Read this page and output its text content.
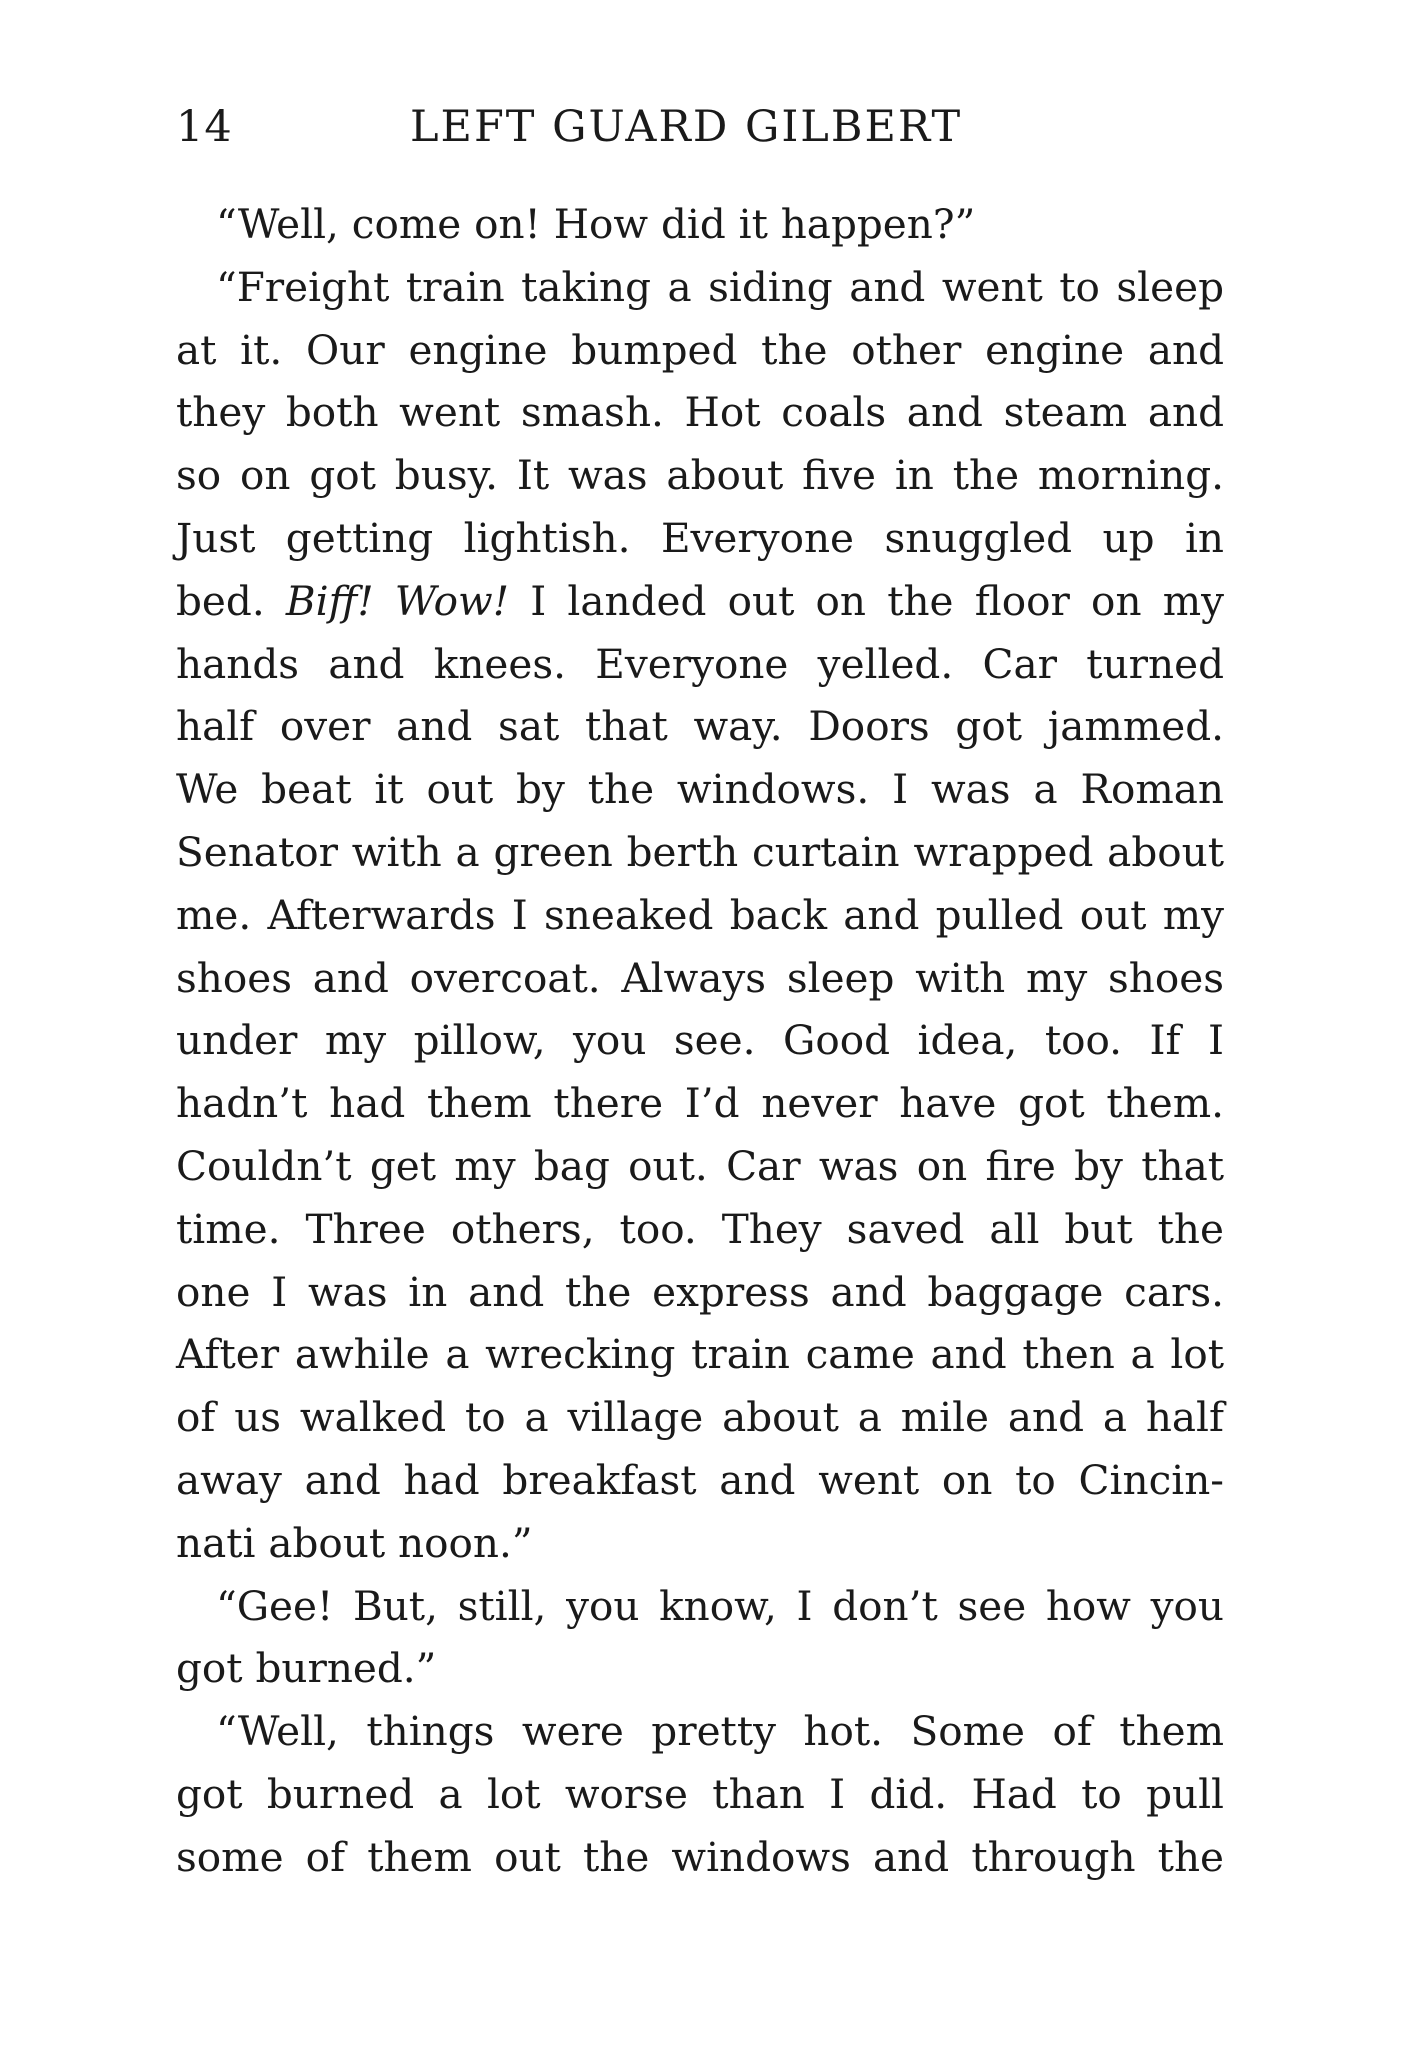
14	LEFT GUARD GILBERT
“Well, come on! How did it happen?”
“Freight train taking a siding and went to sleep
at it. Our engine bumped the other engine and
they both went smash. Hot coals and steam and
so on got busy. It was about five in the morning.
Just getting lightish. Everyone snuggled up in
bed. Biff! Wow! I landed out on the floor on my
hands and knees. Everyone yelled. Car turned
half over and sat that way. Doors got jammed.
We beat it out by the windows. I was a Roman
Senator with a green berth curtain wrapped about
me. Afterwards I sneaked back and pulled out my
shoes and overcoat. Always sleep with my shoes
under my pillow, you see. Good idea, too. If I
hadn’t had them there I’d never have got them.
Couldn’t get my bag out. Car was on fire by that
time. Three others, too. They saved all but the
one I was in and the express and baggage cars.
After awhile a wrecking train came and then a lot
of us walked to a village about a mile and a half
away and had breakfast and went on to Cincin-
nati about noon.”
“Gee! But, still, you know, I don’t see how you
got burned.”
“Well, things were pretty hot. Some of them
got burned a lot worse than I did. Had to pull
some of them out the windows and through the
